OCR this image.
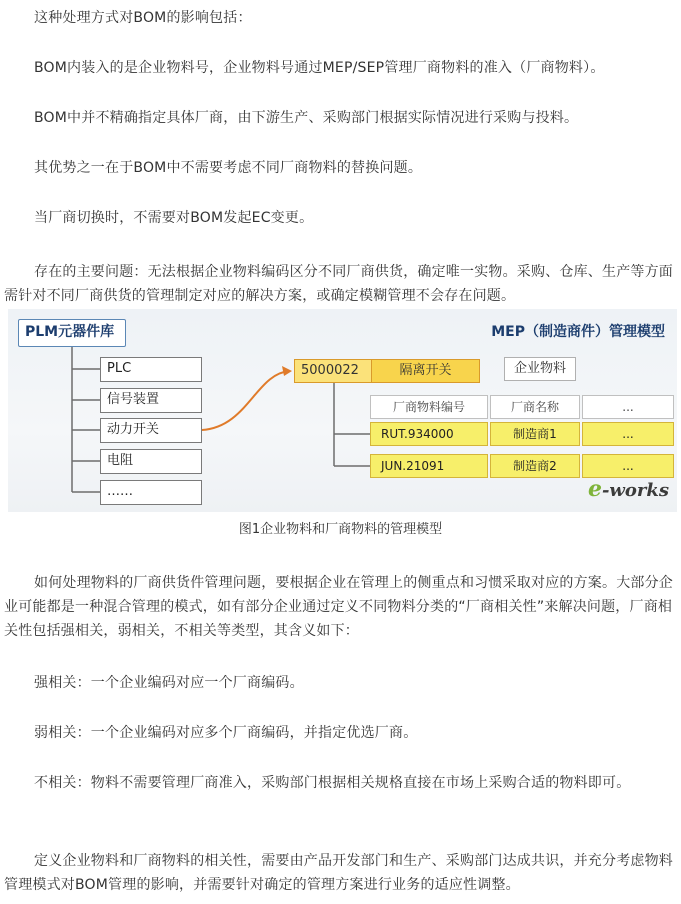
这种处理方式对BOM的影响包括：

BOM内装入的是企业物料号，企业物料号通过MEP/SEP管理厂商物料的准入（厂商物料）。

BOM中并不精确指定具体厂商，由下游生产、采购部门根据实际情况进行采购与投料。

其优势之一在于BOM中不需要考虑不同厂商物料的替换问题。

当厂商切换时，不需要对BOM发起EC变更。

存在的主要问题：无法根据企业物料编码区分不同厂商供货，确定唯一实物。采购、仓库、生产等方面需针对不同厂商供货的管理制定对应的解决方案，或确定模糊管理不会存在问题。

PLM元器件库
PLC
信号装置
动力开关
电阻
……
MEP（制造商件）管理模型
5000022	隔离开关	企业物料
厂商物料编号	厂商名称	...
RUT.934000	制造商1	...
JUN.21091	制造商2	...
e-works
图1企业物料和厂商物料的管理模型

如何处理物料的厂商供货件管理问题，要根据企业在管理上的侧重点和习惯采取对应的方案。大部分企业可能都是一种混合管理的模式，如有部分企业通过定义不同物料分类的“厂商相关性”来解决问题，厂商相关性包括强相关，弱相关，不相关等类型，其含义如下：

强相关：一个企业编码对应一个厂商编码。

弱相关：一个企业编码对应多个厂商编码，并指定优选厂商。

不相关：物料不需要管理厂商准入，采购部门根据相关规格直接在市场上采购合适的物料即可。

定义企业物料和厂商物料的相关性，需要由产品开发部门和生产、采购部门达成共识，并充分考虑物料管理模式对BOM管理的影响，并需要针对确定的管理方案进行业务的适应性调整。
